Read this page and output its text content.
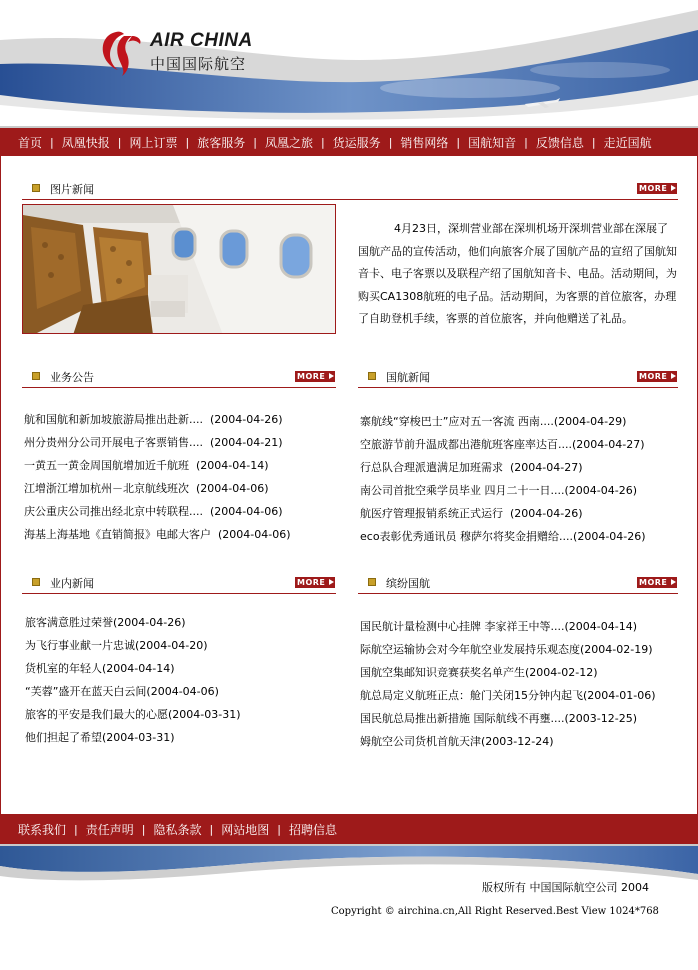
AIR CHINA
中国国际航空
首页 | 凤凰快报 | 网上订票 | 旅客服务 | 凤凰之旅 | 货运服务 | 销售网络 | 国航知音 | 反馈信息 | 走近国航
图片新闻	MORE
4月23日，深圳营业部在深圳机场开深圳营业部在深展了国航产品的宣传活动，他们向旅客介展了国航产品的宣绍了国航知音卡、电子客票以及联程产绍了国航知音卡、电品。活动期间，为购买CA1308航班的电子品。活动期间，为客票的首位旅客，办理了自助登机手续，客票的首位旅客，并向他赠送了礼品。
业务公告	MORE
航和国航和新加坡旅游局推出赴新.... (2004-04-26)
州分贵州分公司开展电子客票销售.... (2004-04-21)
一黄五一黄金周国航增加近千航班 (2004-04-14)
江增浙江增加杭州－北京航线班次 (2004-04-06)
庆公重庆公司推出经北京中转联程.... (2004-04-06)
海基上海基地《直销简报》电邮大客户 (2004-04-06)
国航新闻	MORE
寨航线“穿梭巴士”应对五一客流 西南....(2004-04-29)
空旅游节前升温成都出港航班客座率达百....(2004-04-27)
行总队合理派遣满足加班需求 (2004-04-27)
南公司首批空乘学员毕业 四月二十一日....(2004-04-26)
航医疗管理报销系统正式运行 (2004-04-26)
eco表彰优秀通讯员 穆萨尔将奖金捐赠给....(2004-04-26)
业内新闻	MORE
旅客满意胜过荣誉(2004-04-26)
为飞行事业献一片忠诚(2004-04-20)
货机室的年轻人(2004-04-14)
“芙蓉”盛开在蓝天白云间(2004-04-06)
旅客的平安是我们最大的心愿(2004-03-31)
他们担起了希望(2004-03-31)
缤纷国航	MORE
国民航计量检测中心挂牌 李家祥王中等....(2004-04-14)
际航空运输协会对今年航空业发展持乐观态度(2004-02-19)
国航空集邮知识竞赛获奖名单产生(2004-02-12)
航总局定义航班正点：舱门关闭15分钟内起飞(2004-01-06)
国民航总局推出新措施 国际航线不再壅....(2003-12-25)
姆航空公司货机首航天津(2003-12-24)
联系我们 | 责任声明 | 隐私条款 | 网站地图 | 招聘信息
版权所有 中国国际航空公司 2004
Copyright © airchina.cn,All Right Reserved.Best View 1024*768
